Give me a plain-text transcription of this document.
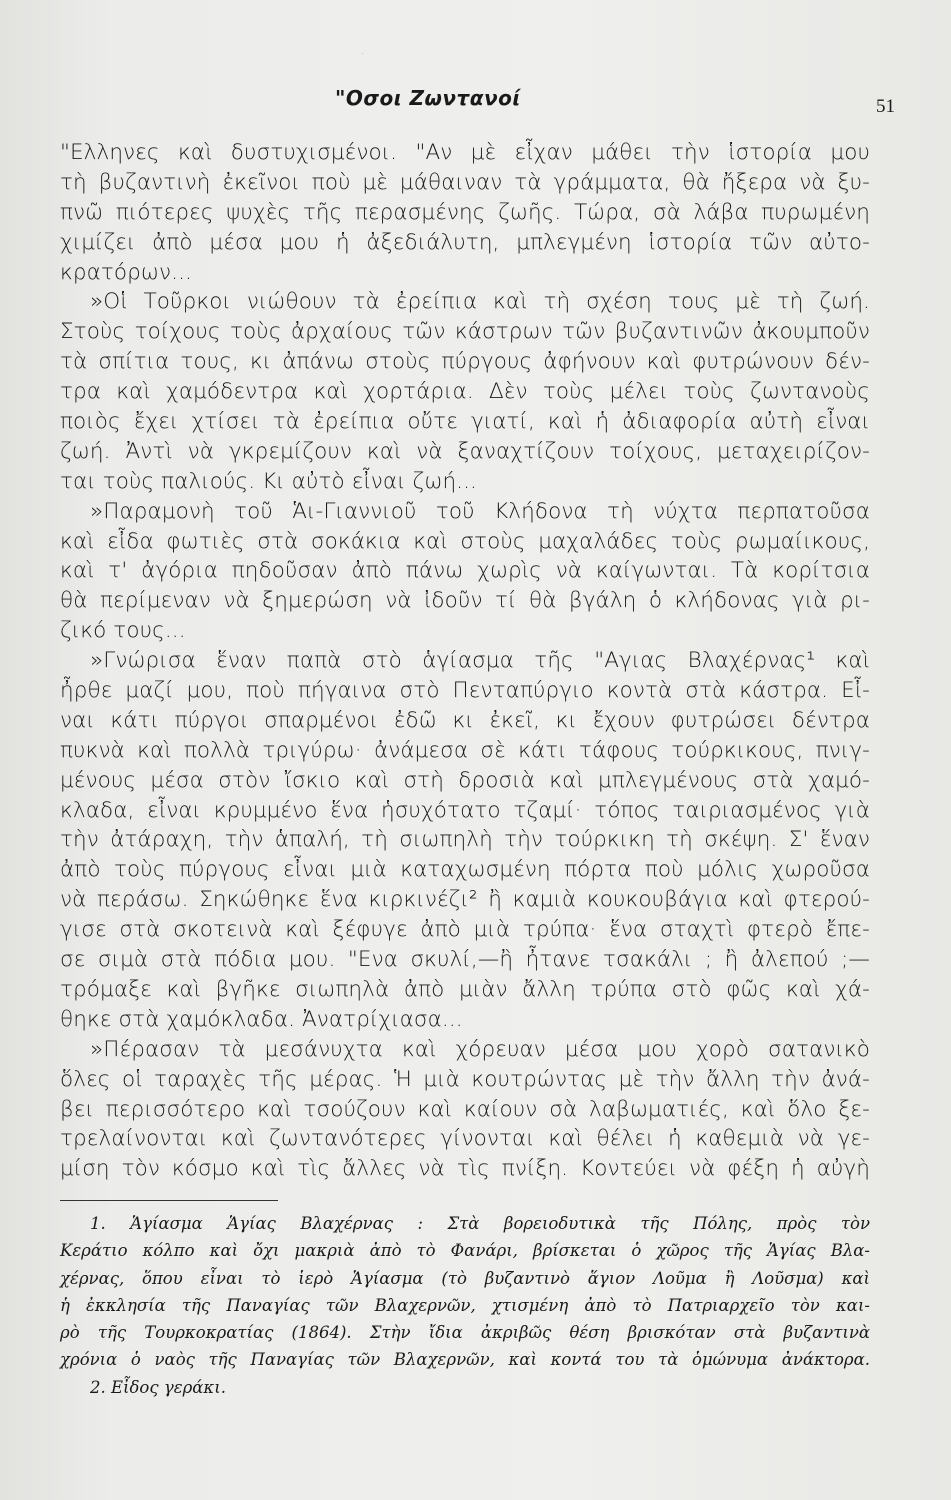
·
"Οσοι Ζωντανοί	51
"Ελληνες καὶ δυστυχισμένοι. "Αν μὲ εἶχαν μάθει τὴν ἱστορία μου
τὴ βυζαντινὴ ἐκεῖνοι ποὺ μὲ μάθαιναν τὰ γράμματα, θὰ ἤξερα νὰ ξυ-
πνῶ πιότερες ψυχὲς τῆς περασμένης ζωῆς. Τώρα, σὰ λάβα πυρωμένη
χιμίζει ἀπὸ μέσα μου ἡ ἀξεδιάλυτη, μπλεγμένη ἱστορία τῶν αὐτο-
κρατόρων...
»Οἱ Τοῦρκοι νιώθουν τὰ ἐρείπια καὶ τὴ σχέση τους μὲ τὴ ζωή.
Στοὺς τοίχους τοὺς ἀρχαίους τῶν κάστρων τῶν βυζαντινῶν ἀκουμποῦν
τὰ σπίτια τους, κι ἀπάνω στοὺς πύργους ἀφήνουν καὶ φυτρώνουν δέν-
τρα καὶ χαμόδεντρα καὶ χορτάρια. Δὲν τοὺς μέλει τοὺς ζωντανοὺς
ποιὸς ἔχει χτίσει τὰ ἐρείπια οὔτε γιατί, καὶ ἡ ἀδιαφορία αὐτὴ εἶναι
ζωή. Ἀντὶ νὰ γκρεμίζουν καὶ νὰ ξαναχτίζουν τοίχους, μεταχειρίζον-
ται τοὺς παλιούς. Κι αὐτὸ εἶναι ζωή...
»Παραμονὴ τοῦ Ἁι-Γιαννιοῦ τοῦ Κλήδονα τὴ νύχτα περπατοῦσα
καὶ εἶδα φωτιὲς στὰ σοκάκια καὶ στοὺς μαχαλάδες τοὺς ρωμαίικους,
καὶ τ' ἀγόρια πηδοῦσαν ἀπὸ πάνω χωρὶς νὰ καίγωνται. Τὰ κορίτσια
θὰ περίμεναν νὰ ξημερώση νὰ ἰδοῦν τί θὰ βγάλη ὁ κλήδονας γιὰ ρι-
ζικό τους...
»Γνώρισα ἕναν παπὰ στὸ ἁγίασμα τῆς "Αγιας Βλαχέρνας¹ καὶ
ἦρθε μαζί μου, ποὺ πήγαινα στὸ Πενταπύργιο κοντὰ στὰ κάστρα. Εἶ-
ναι κάτι πύργοι σπαρμένοι ἐδῶ κι ἐκεῖ, κι ἔχουν φυτρώσει δέντρα
πυκνὰ καὶ πολλὰ τριγύρω· ἀνάμεσα σὲ κάτι τάφους τούρκικους, πνιγ-
μένους μέσα στὸν ἴσκιο καὶ στὴ δροσιὰ καὶ μπλεγμένους στὰ χαμό-
κλαδα, εἶναι κρυμμένο ἕνα ἡσυχότατο τζαμί· τόπος ταιριασμένος γιὰ
τὴν ἀτάραχη, τὴν ἁπαλή, τὴ σιωπηλὴ τὴν τούρκικη τὴ σκέψη. Σ' ἕναν
ἀπὸ τοὺς πύργους εἶναι μιὰ καταχωσμένη πόρτα ποὺ μόλις χωροῦσα
νὰ περάσω. Σηκώθηκε ἕνα κιρκινέζι² ἢ καμιὰ κουκουβάγια καὶ φτερού-
γισε στὰ σκοτεινὰ καὶ ξέφυγε ἀπὸ μιὰ τρύπα· ἕνα σταχτὶ φτερὸ ἔπε-
σε σιμὰ στὰ πόδια μου. "Ενα σκυλί,—ἢ ἦτανε τσακάλι ; ἢ ἀλεπού ;—
τρόμαξε καὶ βγῆκε σιωπηλὰ ἀπὸ μιὰν ἄλλη τρύπα στὸ φῶς καὶ χά-
θηκε στὰ χαμόκλαδα. Ἀνατρίχιασα...
»Πέρασαν τὰ μεσάνυχτα καὶ χόρευαν μέσα μου χορὸ σατανικὸ
ὅλες οἱ ταραχὲς τῆς μέρας. Ἡ μιὰ κουτρώντας μὲ τὴν ἄλλη τὴν ἀνά-
βει περισσότερο καὶ τσούζουν καὶ καίουν σὰ λαβωματιές, καὶ ὅλο ξε-
τρελαίνονται καὶ ζωντανότερες γίνονται καὶ θέλει ἡ καθεμιὰ νὰ γε-
μίση τὸν κόσμο καὶ τὶς ἄλλες νὰ τὶς πνίξη. Κοντεύει νὰ φέξη ἡ αὐγὴ
1. Ἁγίασμα Ἁγίας Βλαχέρνας : Στὰ βορειοδυτικὰ τῆς Πόλης, πρὸς τὸν
Κεράτιο κόλπο καὶ ὄχι μακριὰ ἀπὸ τὸ Φανάρι, βρίσκεται ὁ χῶρος τῆς Ἁγίας Βλα-
χέρνας, ὅπου εἶναι τὸ ἱερὸ Ἁγίασμα (τὸ βυζαντινὸ ἅγιον Λοῦμα ἢ Λοῦσμα) καὶ
ἡ ἐκκλησία τῆς Παναγίας τῶν Βλαχερνῶν, χτισμένη ἀπὸ τὸ Πατριαρχεῖο τὸν και-
ρὸ τῆς Τουρκοκρατίας (1864). Στὴν ἴδια ἀκριβῶς θέση βρισκόταν στὰ βυζαντινὰ
χρόνια ὁ ναὸς τῆς Παναγίας τῶν Βλαχερνῶν, καὶ κοντά του τὰ ὁμώνυμα ἀνάκτορα.
2. Εἶδος γεράκι.
